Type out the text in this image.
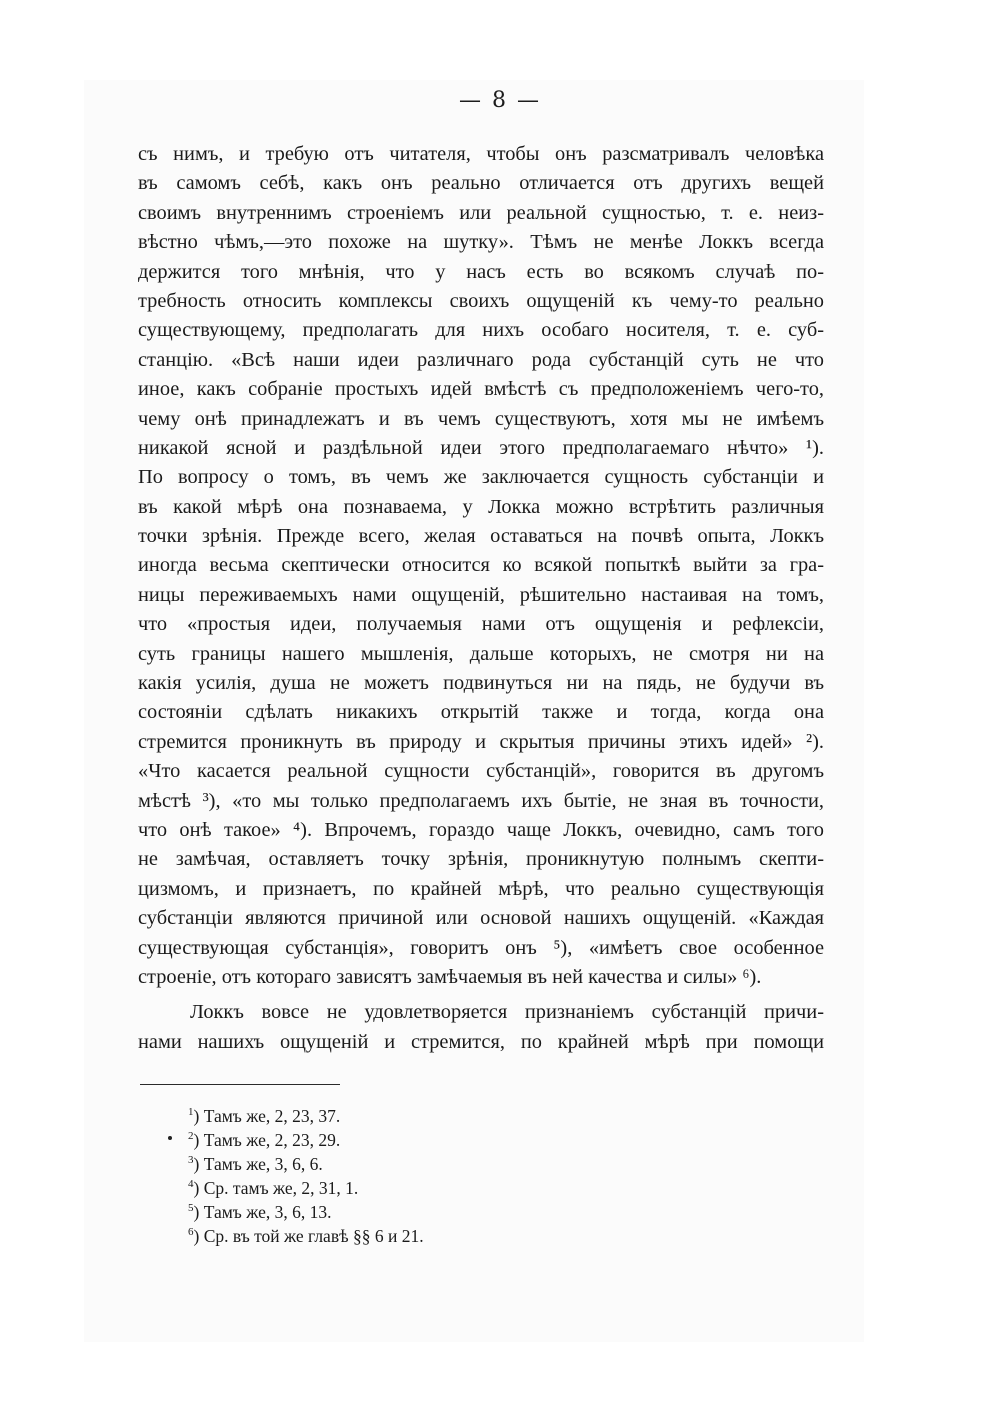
— 8 —
съ нимъ, и требую отъ читателя, чтобы онъ разсматривалъ человѣка
въ самомъ себѣ, какъ онъ реально отличается отъ другихъ вещей
своимъ внутреннимъ строеніемъ или реальной сущностью, т. е. неиз-
вѣстно чѣмъ,—это похоже на шутку». Тѣмъ не менѣе Локкъ всегда
держится того мнѣнія, что у насъ есть во всякомъ случаѣ по-
требность относить комплексы своихъ ощущеній къ чему-то реально
существующему, предполагать для нихъ особаго носителя, т. е. суб-
станцію. «Всѣ наши идеи различнаго рода субстанцій суть не что
иное, какъ собраніе простыхъ идей вмѣстѣ съ предположеніемъ чего-то,
чему онѣ принадлежатъ и въ чемъ существуютъ, хотя мы не имѣемъ
никакой ясной и раздѣльной идеи этого предполагаемаго нѣчто» ¹).
По вопросу о томъ, въ чемъ же заключается сущность субстанціи и
въ какой мѣрѣ она познаваема, у Локка можно встрѣтить различныя
точки зрѣнія. Прежде всего, желая оставаться на почвѣ опыта, Локкъ
иногда весьма скептически относится ко всякой попыткѣ выйти за гра-
ницы переживаемыхъ нами ощущеній, рѣшительно настаивая на томъ,
что «простыя идеи, получаемыя нами отъ ощущенія и рефлексіи,
суть границы нашего мышленія, дальше которыхъ, не смотря ни на
какія усилія, душа не можетъ подвинуться ни на пядь, не будучи въ
состояніи сдѣлать никакихъ открытій также и тогда, когда она
стремится проникнуть въ природу и скрытыя причины этихъ идей» ²).
«Что касается реальной сущности субстанцій», говорится въ другомъ
мѣстѣ ³), «то мы только предполагаемъ ихъ бытіе, не зная въ точности,
что онѣ такое» ⁴). Впрочемъ, гораздо чаще Локкъ, очевидно, самъ того
не замѣчая, оставляетъ точку зрѣнія, проникнутую полнымъ скепти-
цизмомъ, и признаетъ, по крайней мѣрѣ, что реально существующія
субстанціи являются причиной или основой нашихъ ощущеній. «Каждая
существующая субстанція», говоритъ онъ ⁵), «имѣетъ свое особенное
строеніе, отъ котораго зависятъ замѣчаемыя въ ней качества и силы» ⁶).
Локкъ вовсе не удовлетворяется признаніемъ субстанцій причи-
нами нашихъ ощущеній и стремится, по крайней мѣрѣ при помощи
$^1$) Тамъ же, 2, 23, 37.
$^2$) Тамъ же, 2, 23, 29.
$^3$) Тамъ же, 3, 6, 6.
$^4$) Ср. тамъ же, 2, 31, 1.
$^5$) Тамъ же, 3, 6, 13.
$^6$) Ср. въ той же главѣ §§ 6 и 21.
